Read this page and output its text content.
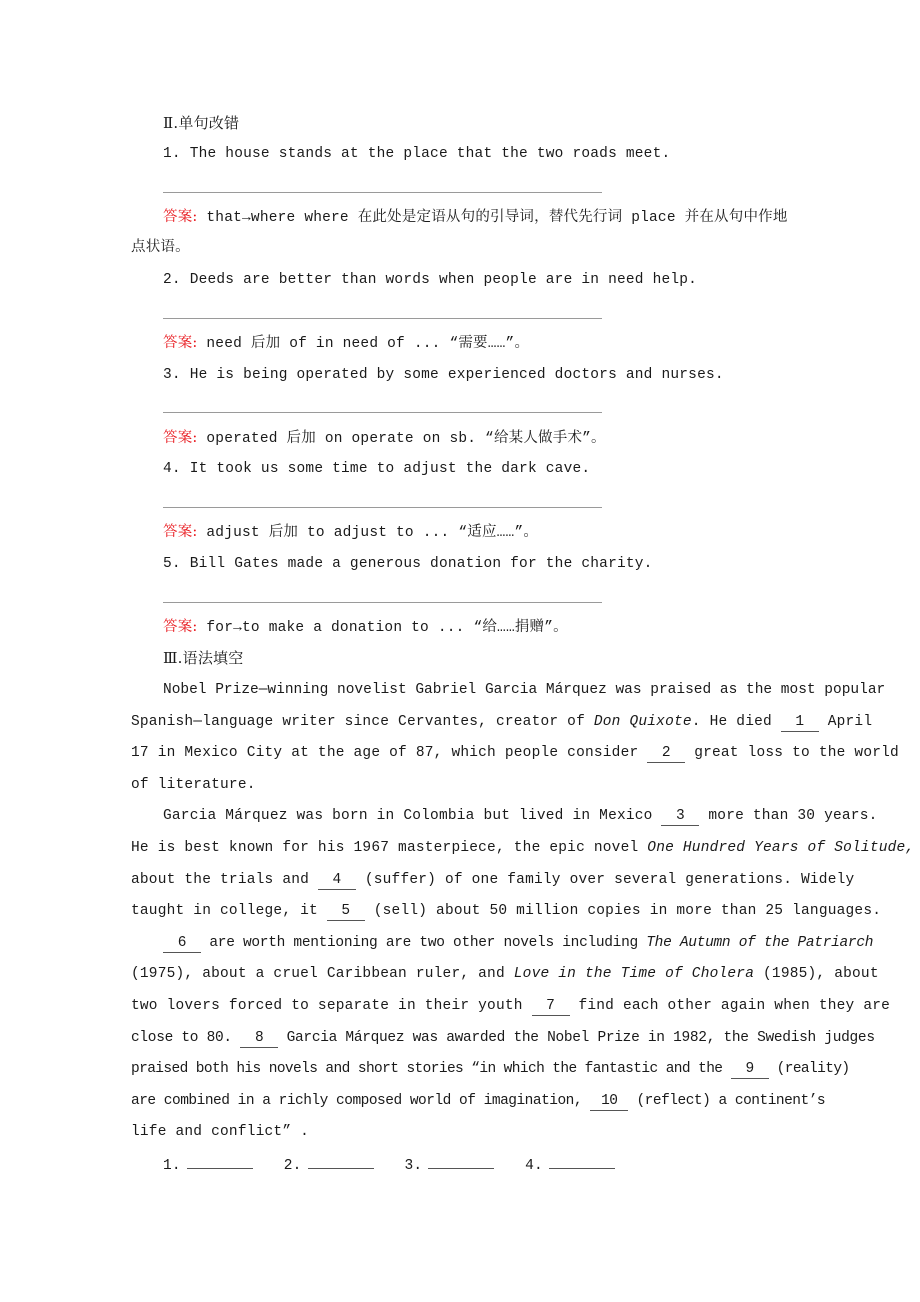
Ⅱ.单句改错
1. The house stands at the place that the two roads meet.
答案: that→where where 在此处是定语从句的引导词，替代先行词 place 并在从句中作地
点状语。
2. Deeds are better than words when people are in need help.
答案: need 后加 of in need of ... “需要……”。
3. He is being operated by some experienced doctors and nurses.
答案: operated 后加 on operate on sb. “给某人做手术”。
4. It took us some time to adjust the dark cave.
答案: adjust 后加 to adjust to ... “适应……”。
5. Bill Gates made a generous donation for the charity.
答案: for→to make a donation to ... “给……捐赠”。
Ⅲ.语法填空
Nobel Prize—winning novelist Gabriel Garcia Márquez was praised as the most popular
Spanish—language writer since Cervantes, creator of Don Quixote. He died 1 April
17 in Mexico City at the age of 87, which people consider 2 great loss to the world
of literature.
Garcia Márquez was born in Colombia but lived in Mexico 3 more than 30 years.
He is best known for his 1967 masterpiece, the epic novel One Hundred Years of Solitude,
about the trials and 4 (suffer) of one family over several generations. Widely
taught in college, it 5 (sell) about 50 million copies in more than 25 languages.
6 are worth mentioning are two other novels including The Autumn of the Patriarch
(1975), about a cruel Caribbean ruler, and Love in the Time of Cholera (1985), about
two lovers forced to separate in their youth 7 find each other again when they are
close to 80. 8 Garcia Márquez was awarded the Nobel Prize in 1982, the Swedish judges
praised both his novels and short stories “in which the fantastic and the 9 (reality)
are combined in a richly composed world of imagination, 10 (reflect) a continent’s
life and conflict” .
1.	2.	3.	4.
